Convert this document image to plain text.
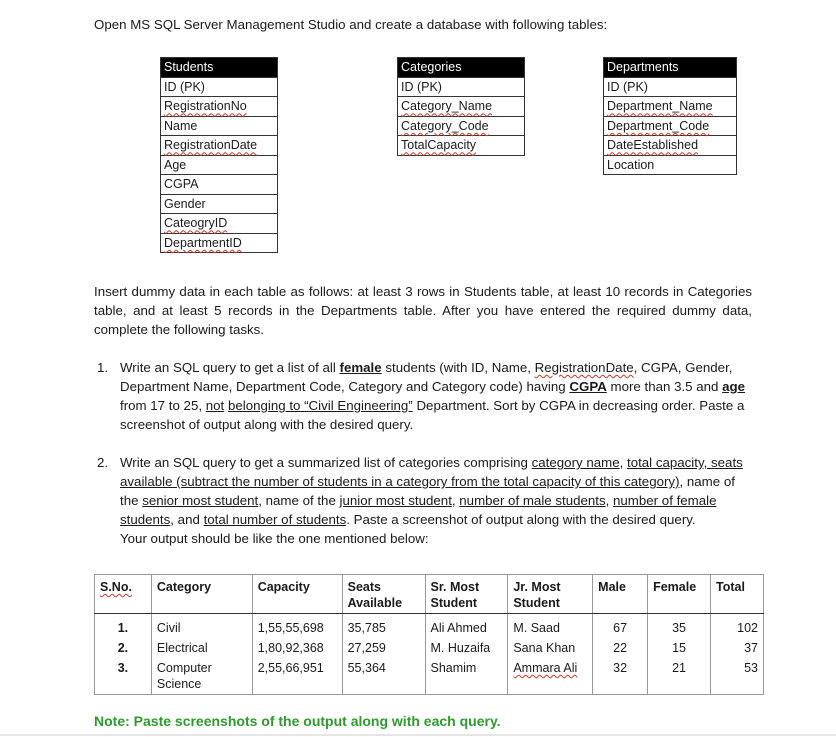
Open MS SQL Server Management Studio and create a database with following tables:
Students
ID (PK)
RegistrationNo
Name
RegistrationDate
Age
CGPA
Gender
CateogryID
DepartmentID
Categories
ID (PK)
Category_Name
Category_Code
TotalCapacity
Departments
ID (PK)
Department_Name
Department_Code
DateEstablished
Location
Insert dummy data in each table as follows: at least 3 rows in Students table, at least 10 records in Categories table, and at least 5 records in the Departments table. After you have entered the required dummy data, complete the following tasks.
1. Write an SQL query to get a list of all female students (with ID, Name, RegistrationDate, CGPA, Gender, Department Name, Department Code, Category and Category code) having CGPA more than 3.5 and age from 17 to 25, not belonging to “Civil Engineering” Department. Sort by CGPA in decreasing order. Paste a screenshot of output along with the desired query.
2. Write an SQL query to get a summarized list of categories comprising category name, total capacity, seats available (subtract the number of students in a category from the total capacity of this category), name of the senior most student, name of the junior most student, number of male students, number of female students, and total number of students. Paste a screenshot of output along with the desired query.
Your output should be like the one mentioned below:
S.No.	Category	Capacity	Seats Available	Sr. Most Student	Jr. Most Student	Male	Female	Total
1.	Civil	1,55,55,698	35,785	Ali Ahmed	M. Saad	67	35	102
2.	Electrical	1,80,92,368	27,259	M. Huzaifa	Sana Khan	22	15	37
3.	Computer Science	2,55,66,951	55,364	Shamim	Ammara Ali	32	21	53
Note: Paste screenshots of the output along with each query.
